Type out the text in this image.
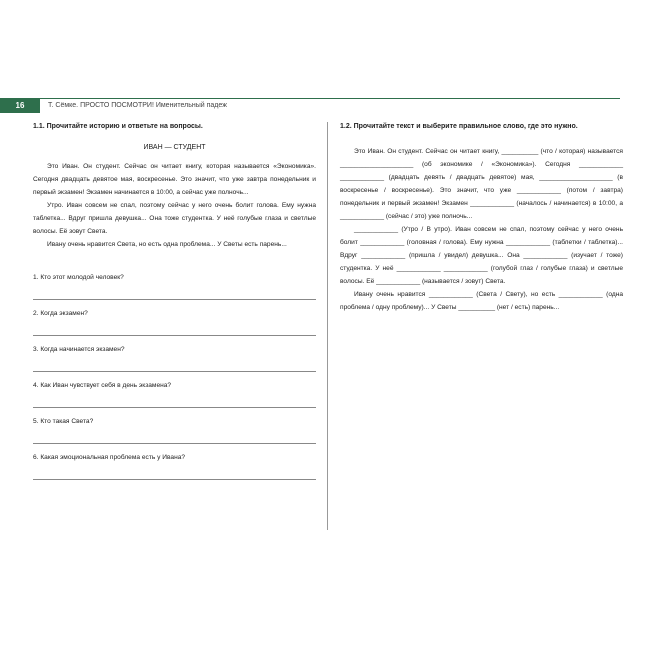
16	Т. Сёмке. ПРОСТО ПОСМОТРИ! Именительный падеж
1.1. Прочитайте историю и ответьте на вопросы.
ИВАН — СТУДЕНТ

Это Иван. Он студент. Сейчас он читает книгу, которая называется «Экономика». Сегодня двадцать девятое мая, воскресенье. Это значит, что уже завтра понедельник и первый экзамен! Экзамен начинается в 10:00, а сейчас уже полночь...

Утро. Иван совсем не спал, поэтому сейчас у него очень болит голова. Ему нужна таблетка... Вдруг пришла девушка... Она тоже студентка. У неё голубые глаза и светлые волосы. Её зовут Света.

Ивану очень нравится Света, но есть одна проблема... У Светы есть парень...

1. Кто этот молодой человек?

2. Когда экзамен?

3. Когда начинается экзамен?

4. Как Иван чувствует себя в день экзамена?

5. Кто такая Света?

6. Какая эмоциональная проблема есть у Ивана?

1.2. Прочитайте текст и выберите правильное слово, где это нужно.

Это Иван. Он студент. Сейчас он читает книгу, __________ (что / которая) называется ____________________ (об экономике / «Экономика»). Сегодня ____________ ____________ (двадцать девять / двадцать девятое) мая, ____________________ (в воскресенье / воскресенье). Это значит, что уже ____________ (потом / завтра) понедельник и первый экзамен! Экзамен ____________ (началось / начинается) в 10:00, а ____________ (сейчас / это) уже полночь...

____________ (Утро / В утро). Иван совсем не спал, поэтому сейчас у него очень болит ____________ (головная / голова). Ему нужна ____________ (таблетки / таблетка)... Вдруг ____________ (пришла / увидел) девушка... Она ____________ (изучает / тоже) студентка. У неё ____________ ____________ (голубой глаз / голубые глаза) и светлые волосы. Её ____________ (называется / зовут) Света.

Ивану очень нравится ____________ (Света / Свету), но есть ____________ (одна проблема / одну проблему)... У Светы __________ (нет / есть) парень...
